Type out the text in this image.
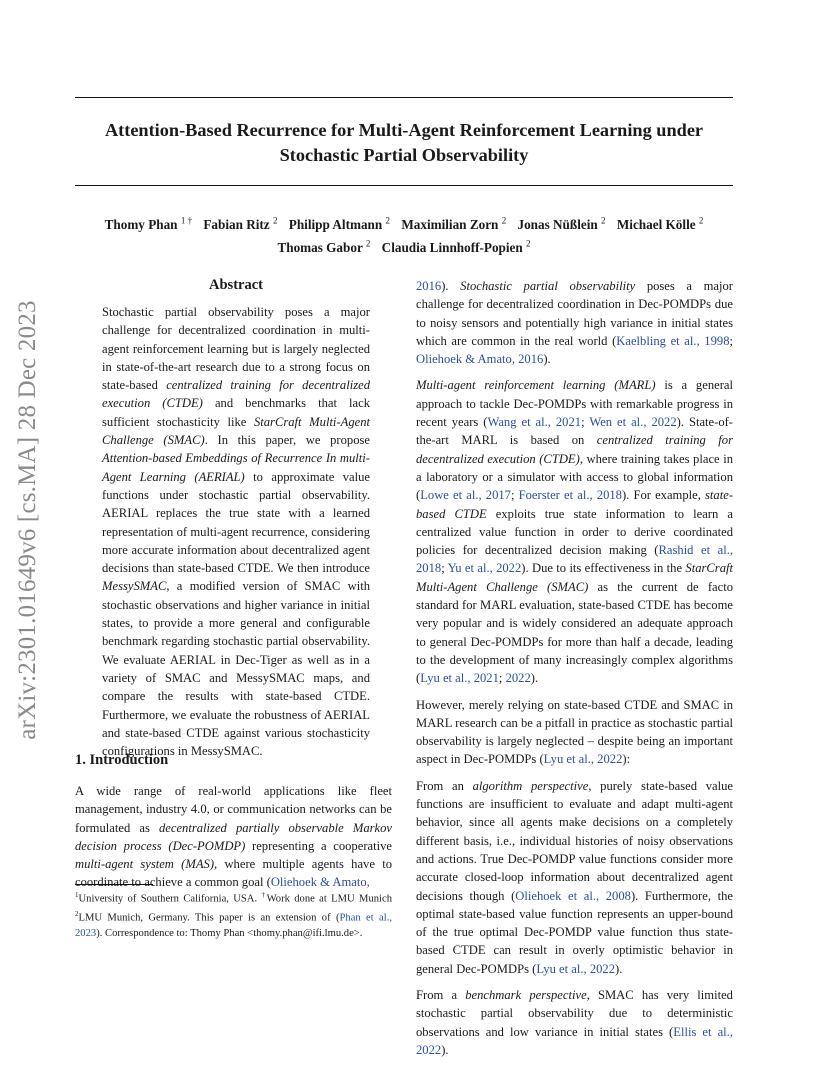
arXiv:2301.01649v6 [cs.MA] 28 Dec 2023
Attention-Based Recurrence for Multi-Agent Reinforcement Learning under
Stochastic Partial Observability
Thomy Phan $^{1 \dagger}$ Fabian Ritz $^2$ Philipp Altmann $^2$ Maximilian Zorn $^2$ Jonas Nüßlein $^2$ Michael Kölle $^2$
Thomas Gabor $^2$ Claudia Linnhoff-Popien $^2$
Abstract

Stochastic partial observability poses a major challenge for decentralized coordination in multi-agent reinforcement learning but is largely neglected in state-of-the-art research due to a strong focus on state-based centralized training for decentralized execution (CTDE) and benchmarks that lack sufficient stochasticity like StarCraft Multi-Agent Challenge (SMAC). In this paper, we propose Attention-based Embeddings of Recurrence In multi-Agent Learning (AERIAL) to approximate value functions under stochastic partial observability. AERIAL replaces the true state with a learned representation of multi-agent recurrence, considering more accurate information about decentralized agent decisions than state-based CTDE. We then introduce MessySMAC, a modified version of SMAC with stochastic observations and higher variance in initial states, to provide a more general and configurable benchmark regarding stochastic partial observability. We evaluate AERIAL in Dec-Tiger as well as in a variety of SMAC and MessySMAC maps, and compare the results with state-based CTDE. Furthermore, we evaluate the robustness of AERIAL and state-based CTDE against various stochasticity configurations in MessySMAC.

1. Introduction

A wide range of real-world applications like fleet management, industry 4.0, or communication networks can be formulated as decentralized partially observable Markov decision process (Dec-POMDP) representing a cooperative multi-agent system (MAS), where multiple agents have to coordinate to achieve a common goal (Oliehoek & Amato,

$^1$University of Southern California, USA. †Work done at LMU Munich $^2$LMU Munich, Germany. This paper is an extension of (Phan et al., 2023). Correspondence to: Thomy Phan <thomy.phan@ifi.lmu.de>.

2016). Stochastic partial observability poses a major challenge for decentralized coordination in Dec-POMDPs due to noisy sensors and potentially high variance in initial states which are common in the real world (Kaelbling et al., 1998; Oliehoek & Amato, 2016).

Multi-agent reinforcement learning (MARL) is a general approach to tackle Dec-POMDPs with remarkable progress in recent years (Wang et al., 2021; Wen et al., 2022). State-of-the-art MARL is based on centralized training for decentralized execution (CTDE), where training takes place in a laboratory or a simulator with access to global information (Lowe et al., 2017; Foerster et al., 2018). For example, state-based CTDE exploits true state information to learn a centralized value function in order to derive coordinated policies for decentralized decision making (Rashid et al., 2018; Yu et al., 2022). Due to its effectiveness in the StarCraft Multi-Agent Challenge (SMAC) as the current de facto standard for MARL evaluation, state-based CTDE has become very popular and is widely considered an adequate approach to general Dec-POMDPs for more than half a decade, leading to the development of many increasingly complex algorithms (Lyu et al., 2021; 2022).

However, merely relying on state-based CTDE and SMAC in MARL research can be a pitfall in practice as stochastic partial observability is largely neglected – despite being an important aspect in Dec-POMDPs (Lyu et al., 2022):

From an algorithm perspective, purely state-based value functions are insufficient to evaluate and adapt multi-agent behavior, since all agents make decisions on a completely different basis, i.e., individual histories of noisy observations and actions. True Dec-POMDP value functions consider more accurate closed-loop information about decentralized agent decisions though (Oliehoek et al., 2008). Furthermore, the optimal state-based value function represents an upper-bound of the true optimal Dec-POMDP value function thus state-based CTDE can result in overly optimistic behavior in general Dec-POMDPs (Lyu et al., 2022).

From a benchmark perspective, SMAC has very limited stochastic partial observability due to deterministic observations and low variance in initial states (Ellis et al., 2022).
